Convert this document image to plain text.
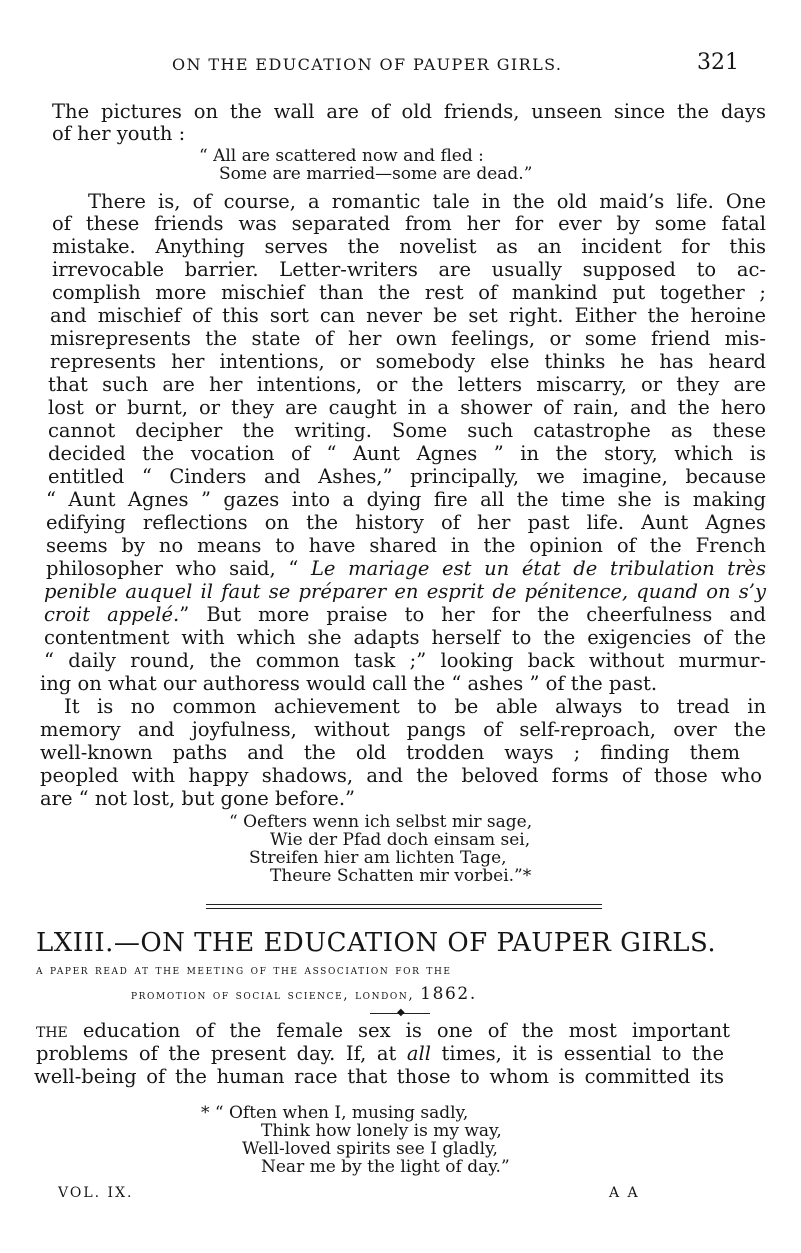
ON THE EDUCATION OF PAUPER GIRLS.	321
The pictures on the wall are of old friends, unseen since the days
of her youth :
“ All are scattered now and fled :
Some are married—some are dead.”
There is, of course, a romantic tale in the old maid’s life. One
of these friends was separated from her for ever by some fatal
mistake. Anything serves the novelist as an incident for this
irrevocable barrier. Letter-writers are usually supposed to ac-
complish more mischief than the rest of mankind put together ;
and mischief of this sort can never be set right. Either the heroine
misrepresents the state of her own feelings, or some friend mis-
represents her intentions, or somebody else thinks he has heard
that such are her intentions, or the letters miscarry, or they are
lost or burnt, or they are caught in a shower of rain, and the hero
cannot decipher the writing. Some such catastrophe as these
decided the vocation of “ Aunt Agnes ” in the story, which is
entitled “ Cinders and Ashes,” principally, we imagine, because
“ Aunt Agnes ” gazes into a dying fire all the time she is making
edifying reflections on the history of her past life. Aunt Agnes
seems by no means to have shared in the opinion of the French
philosopher who said, “ Le mariage est un état de tribulation très
penible auquel il faut se préparer en esprit de pénitence, quand on s’y
croit appelé.” But more praise to her for the cheerfulness and
contentment with which she adapts herself to the exigencies of the
“ daily round, the common task ;” looking back without murmur-
ing on what our authoress would call the “ ashes ” of the past.
It is no common achievement to be able always to tread in
memory and joyfulness, without pangs of self-reproach, over the
well-known paths and the old trodden ways ; finding them
peopled with happy shadows, and the beloved forms of those who
are “ not lost, but gone before.”
“ Oefters wenn ich selbst mir sage,
Wie der Pfad doch einsam sei,
Streifen hier am lichten Tage,
Theure Schatten mir vorbei.”*
LXIII.—ON THE EDUCATION OF PAUPER GIRLS.
a paper read at the meeting of the association for the
promotion of social science, london, 1862.
◆
the education of the female sex is one of the most important
problems of the present day. If, at all times, it is essential to the
well-being of the human race that those to whom is committed its
* “ Often when I, musing sadly,
Think how lonely is my way,
Well-loved spirits see I gladly,
Near me by the light of day.”
VOL. IX.	A A
